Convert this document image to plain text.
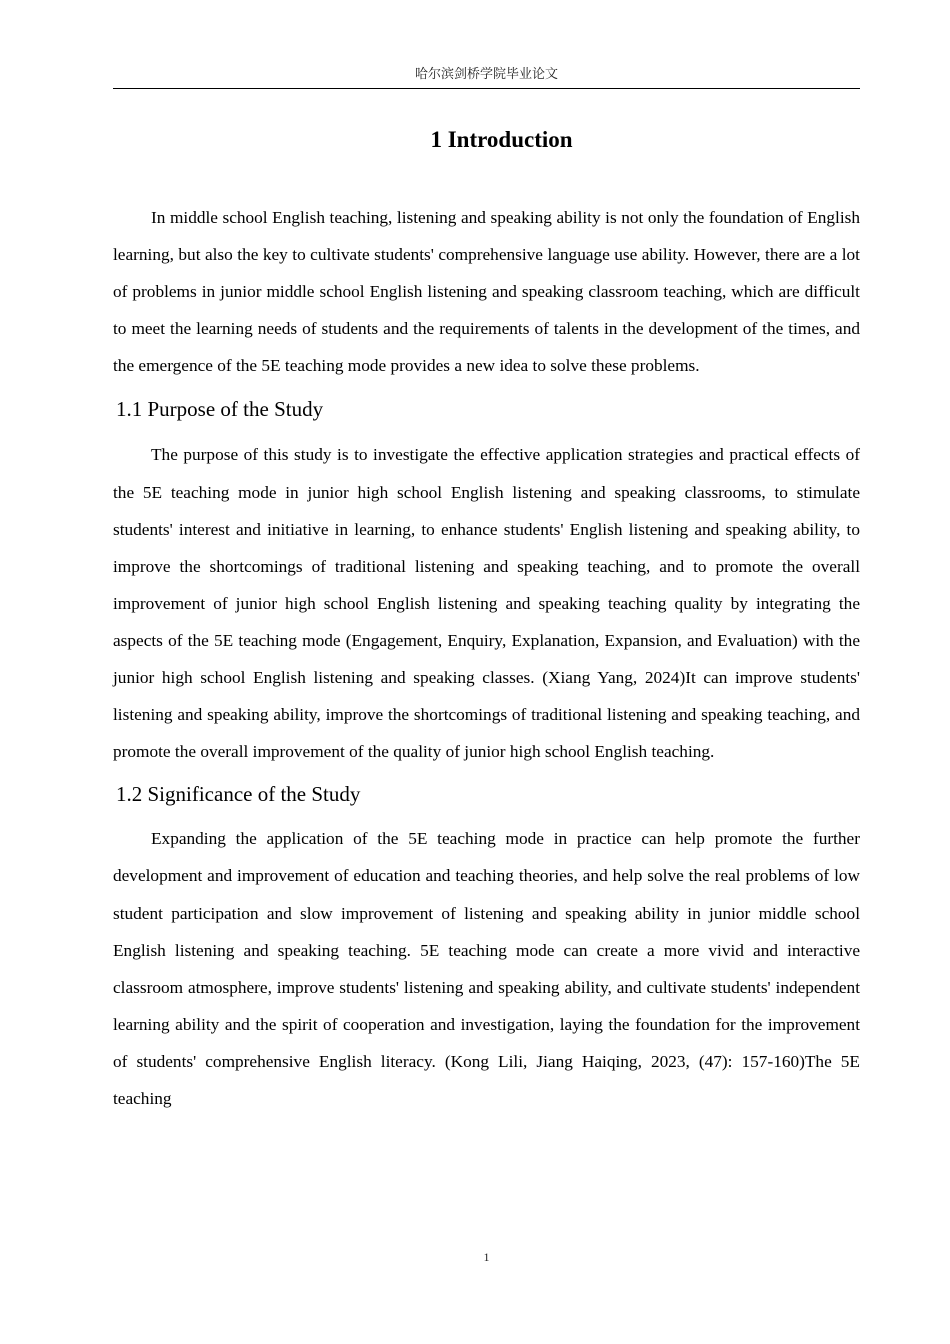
哈尔滨剑桥学院毕业论文
1 Introduction

In middle school English teaching, listening and speaking ability is not only the foundation of English learning, but also the key to cultivate students' comprehensive language use ability. However, there are a lot of problems in junior middle school English listening and speaking classroom teaching, which are difficult to meet the learning needs of students and the requirements of talents in the development of the times, and the emergence of the 5E teaching mode provides a new idea to solve these problems.

1.1 Purpose of the Study

The purpose of this study is to investigate the effective application strategies and practical effects of the 5E teaching mode in junior high school English listening and speaking classrooms, to stimulate students' interest and initiative in learning, to enhance students' English listening and speaking ability, to improve the shortcomings of traditional listening and speaking teaching, and to promote the overall improvement of junior high school English listening and speaking teaching quality by integrating the aspects of the 5E teaching mode (Engagement, Enquiry, Explanation, Expansion, and Evaluation) with the junior high school English listening and speaking classes. (Xiang Yang, 2024)It can improve students' listening and speaking ability, improve the shortcomings of traditional listening and speaking teaching, and promote the overall improvement of the quality of junior high school English teaching.

1.2 Significance of the Study

Expanding the application of the 5E teaching mode in practice can help promote the further development and improvement of education and teaching theories, and help solve the real problems of low student participation and slow improvement of listening and speaking ability in junior middle school English listening and speaking teaching. 5E teaching mode can create a more vivid and interactive classroom atmosphere, improve students' listening and speaking ability, and cultivate students' independent learning ability and the spirit of cooperation and investigation, laying the foundation for the improvement of students' comprehensive English literacy. (Kong Lili, Jiang Haiqing, 2023, (47): 157-160)The 5E teaching

1
